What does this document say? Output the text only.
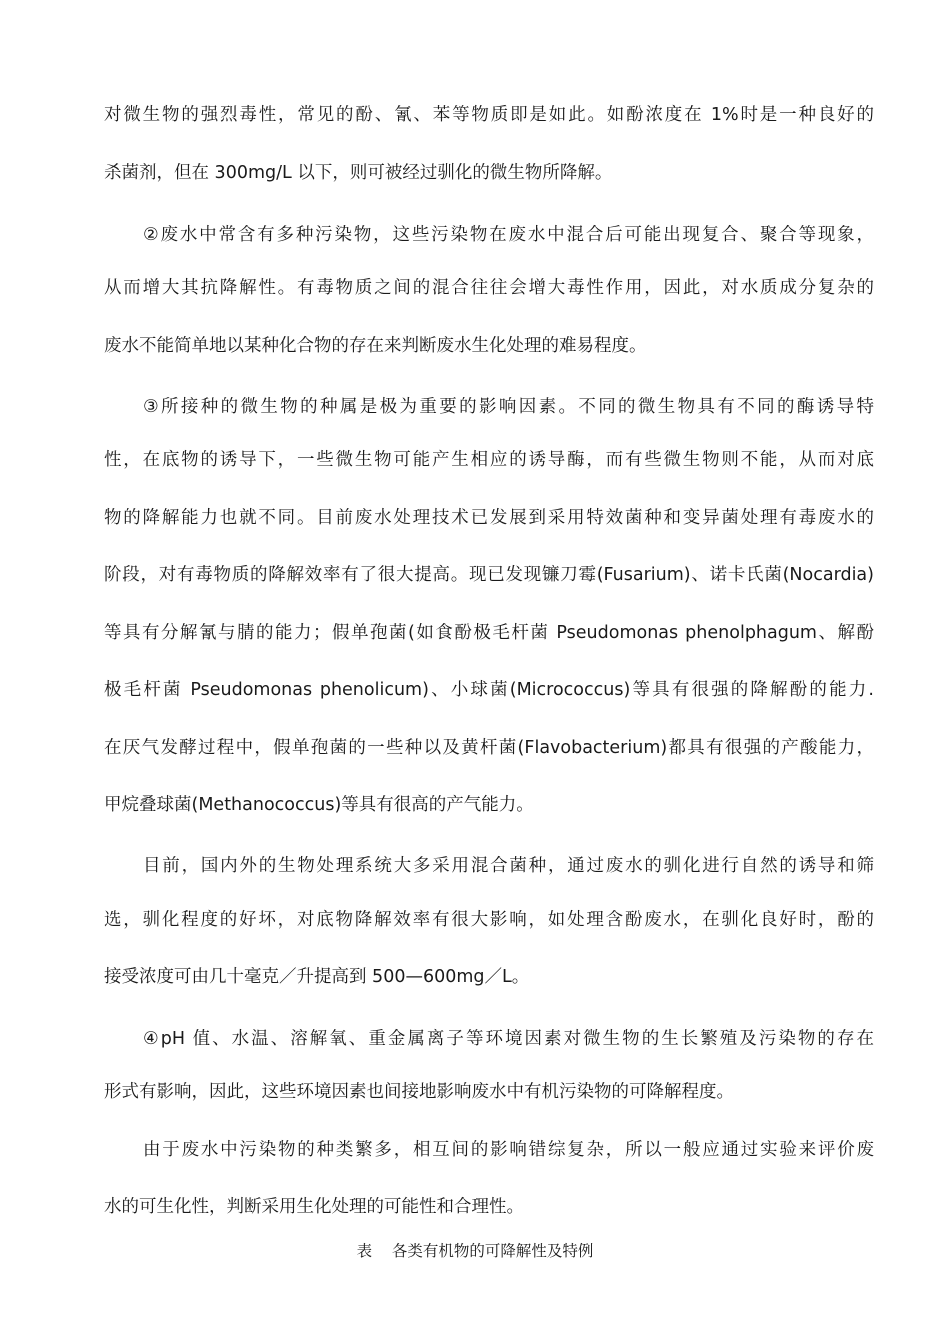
对微生物的强烈毒性，常见的酚、氰、苯等物质即是如此。如酚浓度在 1%时是一种良好的
杀菌剂，但在 300mg/L 以下，则可被经过驯化的微生物所降解。
②废水中常含有多种污染物，这些污染物在废水中混合后可能出现复合、聚合等现象，
从而增大其抗降解性。有毒物质之间的混合往往会增大毒性作用，因此，对水质成分复杂的
废水不能简单地以某种化合物的存在来判断废水生化处理的难易程度。
③所接种的微生物的种属是极为重要的影响因素。不同的微生物具有不同的酶诱导特
性，在底物的诱导下，一些微生物可能产生相应的诱导酶，而有些微生物则不能，从而对底
物的降解能力也就不同。目前废水处理技术已发展到采用特效菌种和变异菌处理有毒废水的
阶段，对有毒物质的降解效率有了很大提高。现已发现镰刀霉(Fusarium)、诺卡氏菌(Nocardia)
等具有分解氰与腈的能力；假单孢菌(如食酚极毛杆菌 Pseudomonas phenolphagum、解酚
极毛杆菌 Pseudomonas phenolicum)、小球菌(Micrococcus)等具有很强的降解酚的能力.
在厌气发酵过程中，假单孢菌的一些种以及黄杆菌(Flavobacterium)都具有很强的产酸能力，
甲烷叠球菌(Methanococcus)等具有很高的产气能力。
目前，国内外的生物处理系统大多采用混合菌种，通过废水的驯化进行自然的诱导和筛
选，驯化程度的好坏，对底物降解效率有很大影响，如处理含酚废水，在驯化良好时，酚的
接受浓度可由几十毫克／升提高到 500—600mg／L。
④pH 值、水温、溶解氧、重金属离子等环境因素对微生物的生长繁殖及污染物的存在
形式有影响，因此，这些环境因素也间接地影响废水中有机污染物的可降解程度。
由于废水中污染物的种类繁多，相互间的影响错综复杂，所以一般应通过实验来评价废
水的可生化性，判断采用生化处理的可能性和合理性。
表    各类有机物的可降解性及特例
